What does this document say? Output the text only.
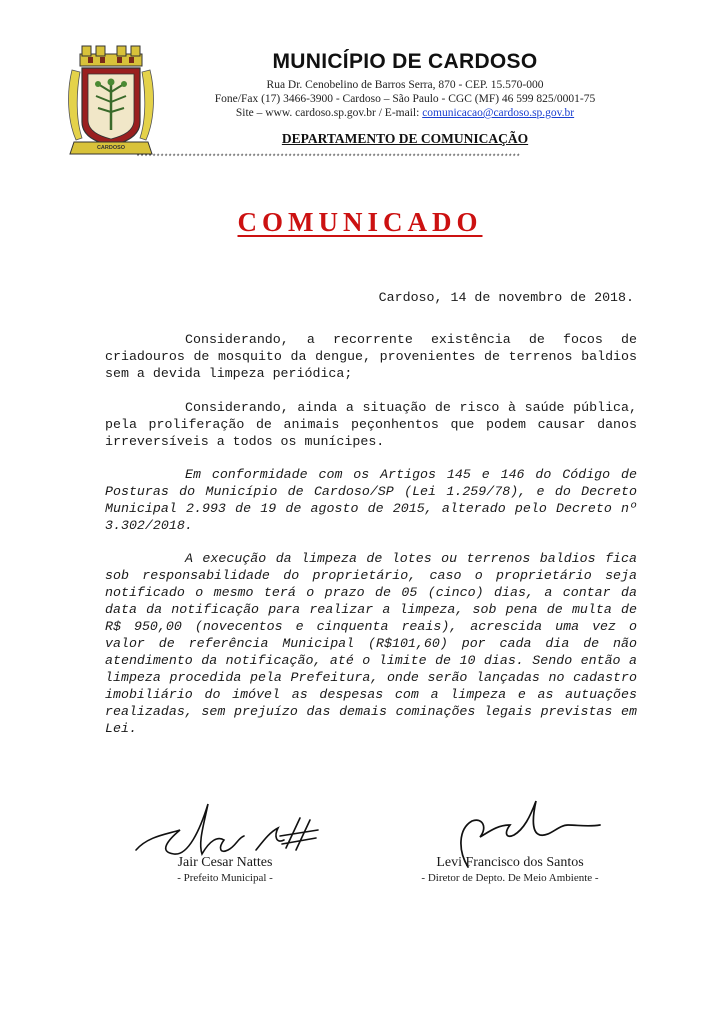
CARDOSO
MUNICÍPIO DE CARDOSO
Rua Dr. Cenobelino de Barros Serra, 870 - CEP. 15.570-000
Fone/Fax (17) 3466-3900 - Cardoso – São Paulo - CGC (MF) 46 599 825/0001-75
Site – www. cardoso.sp.gov.br / E-mail: comunicacao@cardoso.sp.gov.br
DEPARTAMENTO DE COMUNICAÇÃO
************************************************************************************************
COMUNICADO
Cardoso, 14 de novembro de 2018.

Considerando, a recorrente existência de focos de criadouros de mosquito da dengue, provenientes de terrenos baldios sem a devida limpeza periódica;

Considerando, ainda a situação de risco à saúde pública, pela proliferação de animais peçonhentos que podem causar danos irreversíveis a todos os munícipes.

Em conformidade com os Artigos 145 e 146 do Código de Posturas do Município de Cardoso/SP (Lei 1.259/78), e do Decreto Municipal 2.993 de 19 de agosto de 2015, alterado pelo Decreto nº 3.302/2018.

A execução da limpeza de lotes ou terrenos baldios fica sob responsabilidade do proprietário, caso o proprietário seja notificado o mesmo terá o prazo de 05 (cinco) dias, a contar da data da notificação para realizar a limpeza, sob pena de multa de R$ 950,00 (novecentos e cinquenta reais), acrescida uma vez o valor de referência Municipal (R$101,60) por cada dia de não atendimento da notificação, até o limite de 10 dias. Sendo então a limpeza procedida pela Prefeitura, onde serão lançadas no cadastro imobiliário do imóvel as despesas com a limpeza e as autuações realizadas, sem prejuízo das demais cominações legais previstas em Lei.

Jair Cesar Nattes
- Prefeito Municipal -
Levi Francisco dos Santos
- Diretor de Depto. De Meio Ambiente -
